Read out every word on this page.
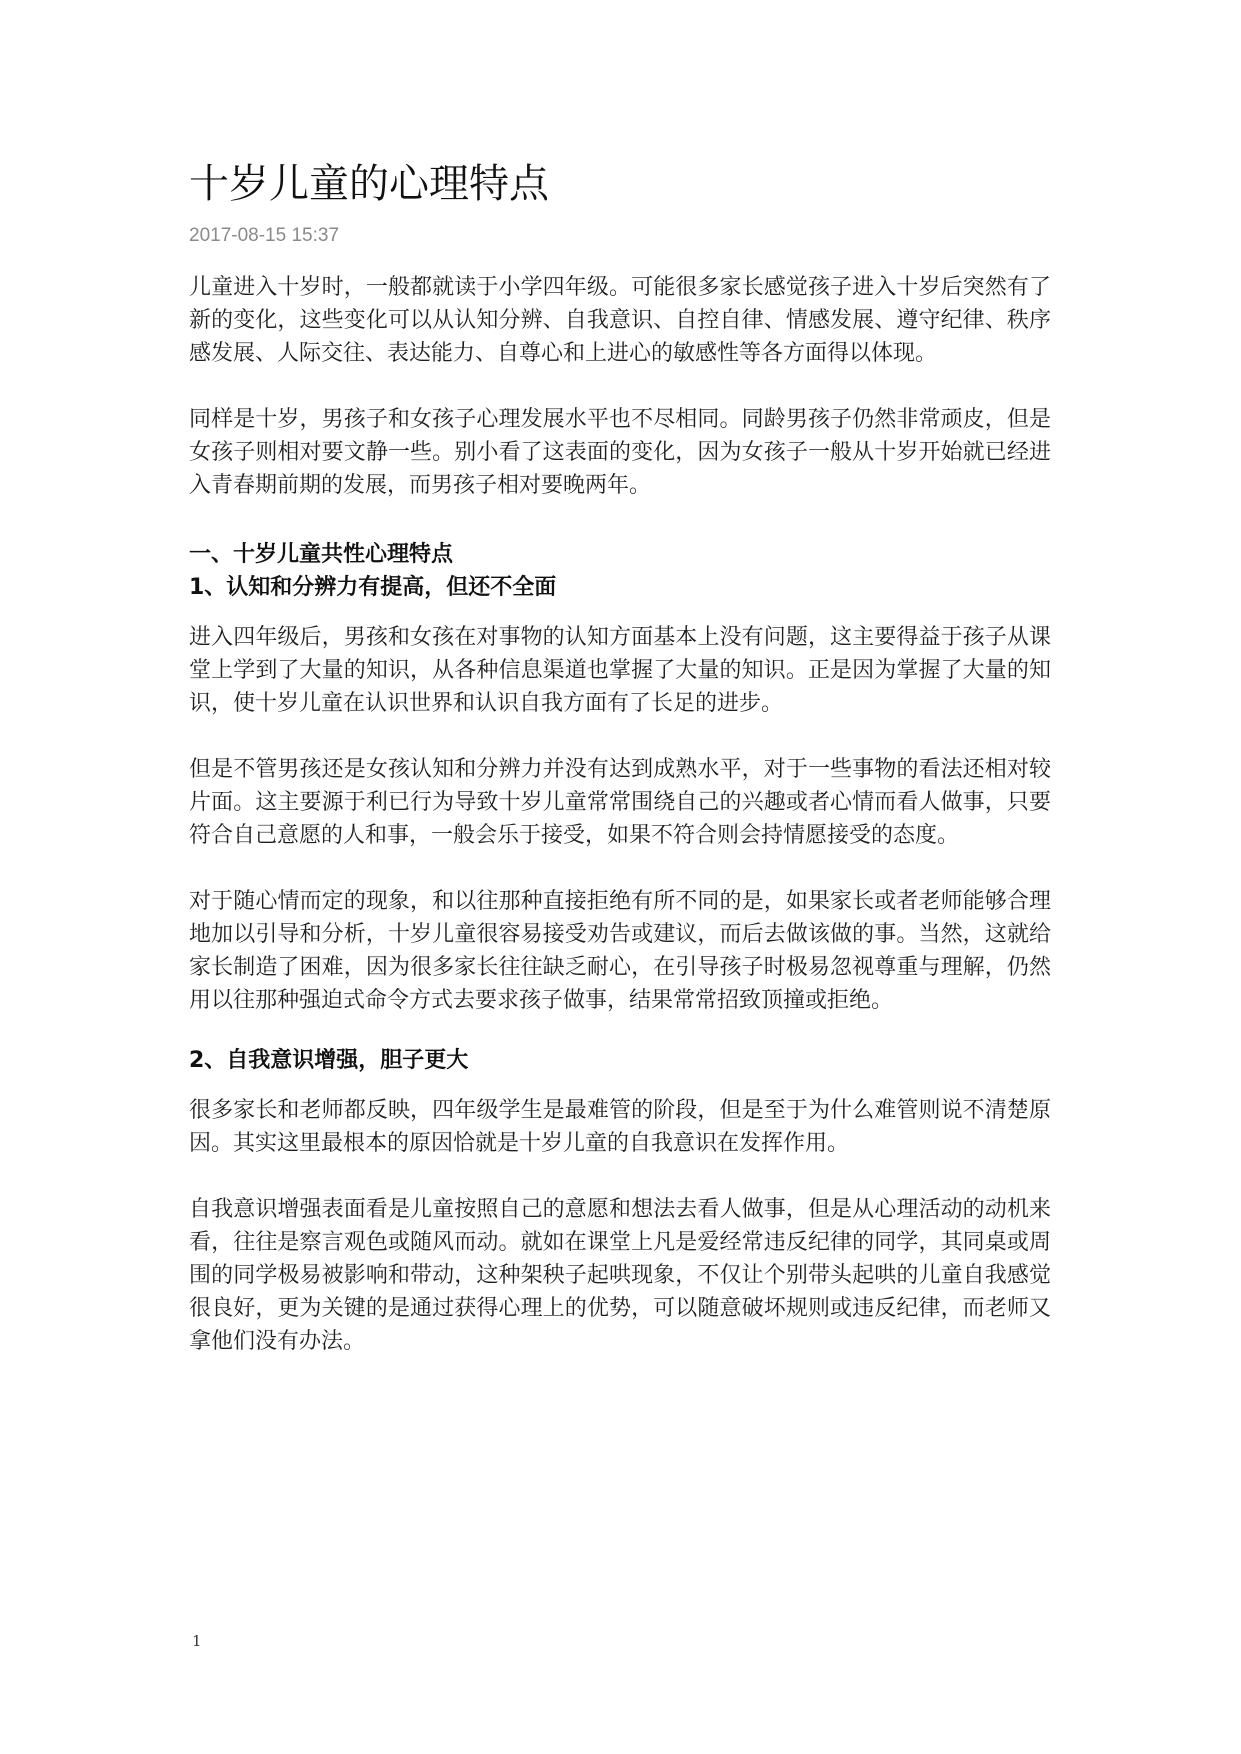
十岁儿童的心理特点
2017-08-15 15:37

儿童进入十岁时，一般都就读于小学四年级。可能很多家长感觉孩子进入十岁后突然有了新的变化，这些变化可以从认知分辨、自我意识、自控自律、情感发展、遵守纪律、秩序感发展、人际交往、表达能力、自尊心和上进心的敏感性等各方面得以体现。

同样是十岁，男孩子和女孩子心理发展水平也不尽相同。同龄男孩子仍然非常顽皮，但是女孩子则相对要文静一些。别小看了这表面的变化，因为女孩子一般从十岁开始就已经进入青春期前期的发展，而男孩子相对要晚两年。

一、十岁儿童共性心理特点
1、认知和分辨力有提高，但还不全面

进入四年级后，男孩和女孩在对事物的认知方面基本上没有问题，这主要得益于孩子从课堂上学到了大量的知识，从各种信息渠道也掌握了大量的知识。正是因为掌握了大量的知识，使十岁儿童在认识世界和认识自我方面有了长足的进步。

但是不管男孩还是女孩认知和分辨力并没有达到成熟水平，对于一些事物的看法还相对较片面。这主要源于利已行为导致十岁儿童常常围绕自己的兴趣或者心情而看人做事，只要符合自己意愿的人和事，一般会乐于接受，如果不符合则会持情愿接受的态度。

对于随心情而定的现象，和以往那种直接拒绝有所不同的是，如果家长或者老师能够合理地加以引导和分析，十岁儿童很容易接受劝告或建议，而后去做该做的事。当然，这就给家长制造了困难，因为很多家长往往缺乏耐心，在引导孩子时极易忽视尊重与理解，仍然用以往那种强迫式命令方式去要求孩子做事，结果常常招致顶撞或拒绝。

2、自我意识增强，胆子更大

很多家长和老师都反映，四年级学生是最难管的阶段，但是至于为什么难管则说不清楚原因。其实这里最根本的原因恰就是十岁儿童的自我意识在发挥作用。

自我意识增强表面看是儿童按照自己的意愿和想法去看人做事，但是从心理活动的动机来看，往往是察言观色或随风而动。就如在课堂上凡是爱经常违反纪律的同学，其同桌或周围的同学极易被影响和带动，这种架秧子起哄现象，不仅让个别带头起哄的儿童自我感觉很良好，更为关键的是通过获得心理上的优势，可以随意破坏规则或违反纪律，而老师又拿他们没有办法。

1
